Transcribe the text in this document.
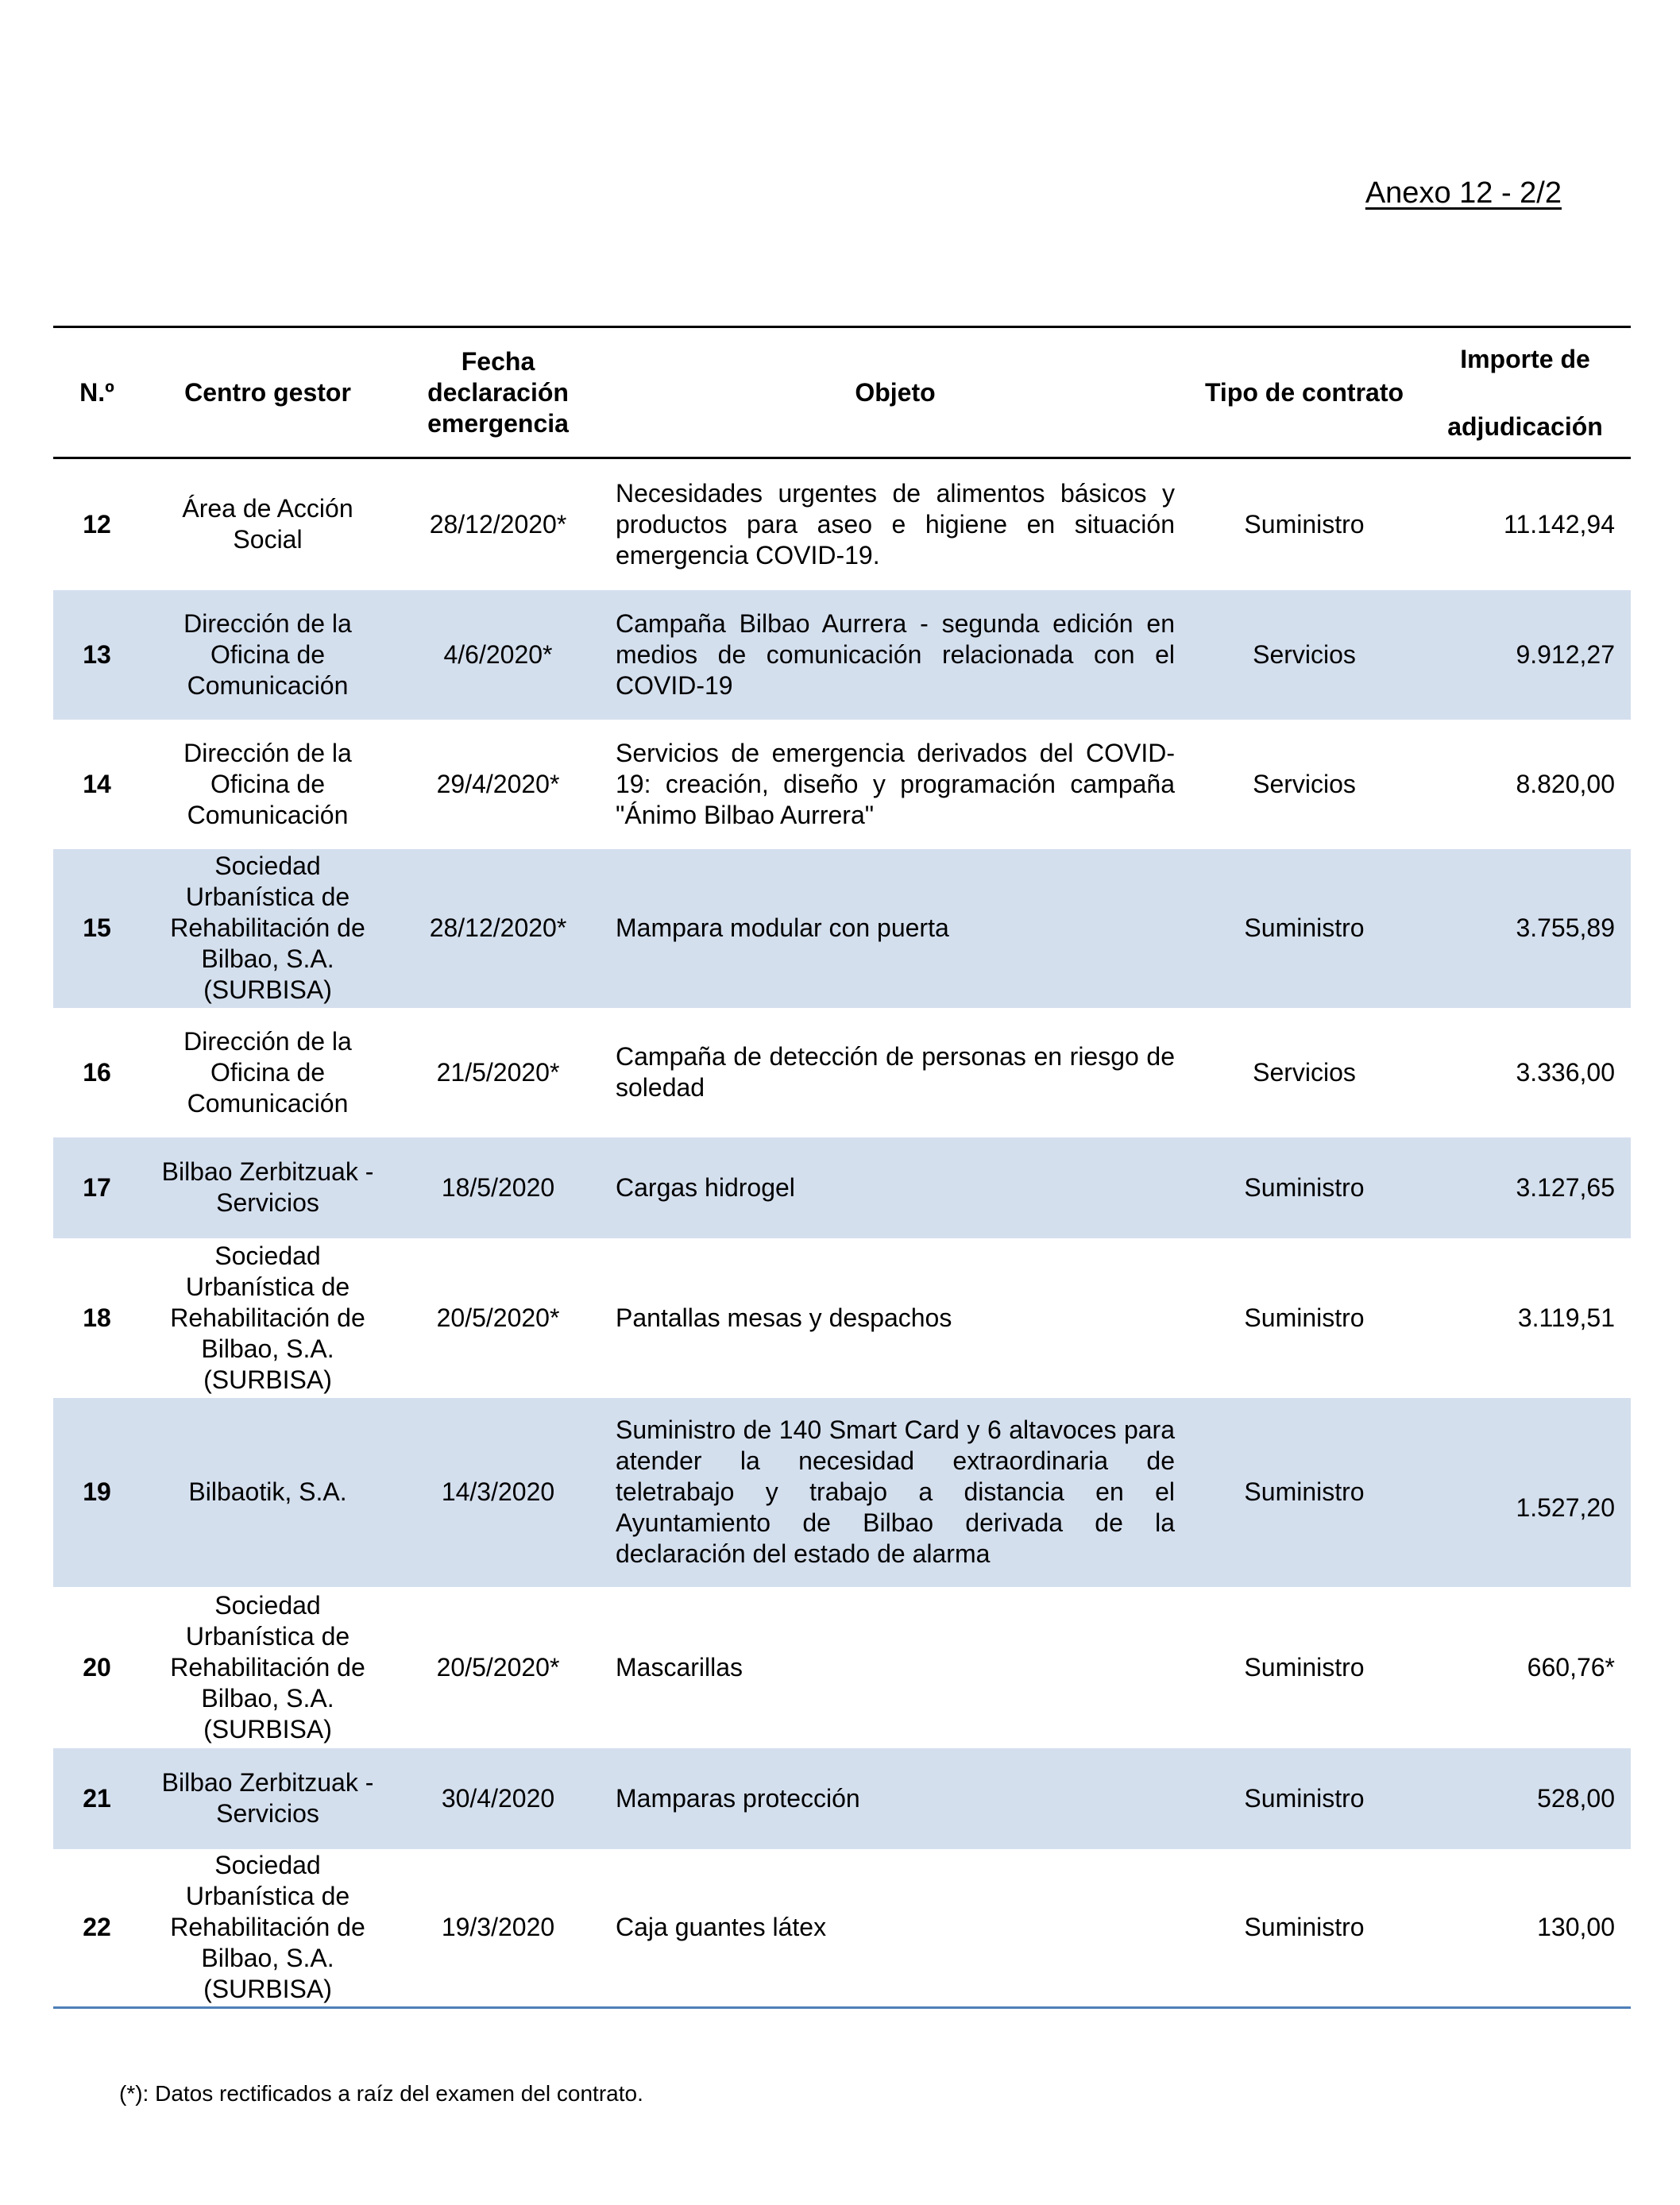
Anexo 12 - 2/2
N.º	Centro gestor	Fecha declaración emergencia	Objeto	Tipo de contrato	Importe de
adjudicación

12	Área de Acción Social	28/12/2020*	Necesidades urgentes de alimentos básicos y productos para aseo e higiene en situación emergencia COVID-19.	Suministro	11.142,94
13	Dirección de la Oficina de Comunicación	4/6/2020*	Campaña Bilbao Aurrera - segunda edición en medios de comunicación relacionada con el COVID-19	Servicios	9.912,27
14	Dirección de la Oficina de Comunicación	29/4/2020*	Servicios de emergencia derivados del COVID-19: creación, diseño y programación campaña "Ánimo Bilbao Aurrera"	Servicios	8.820,00
15	Sociedad Urbanística de Rehabilitación de Bilbao, S.A. (SURBISA)	28/12/2020*	Mampara modular con puerta	Suministro	3.755,89
16	Dirección de la Oficina de Comunicación	21/5/2020*	Campaña de detección de personas en riesgo de soledad	Servicios	3.336,00
17	Bilbao Zerbitzuak - Servicios	18/5/2020	Cargas hidrogel	Suministro	3.127,65
18	Sociedad Urbanística de Rehabilitación de Bilbao, S.A. (SURBISA)	20/5/2020*	Pantallas mesas y despachos	Suministro	3.119,51
19	Bilbaotik, S.A.	14/3/2020	Suministro de 140 Smart Card y 6 altavoces para atender la necesidad extraordinaria de teletrabajo y trabajo a distancia en el Ayuntamiento de Bilbao derivada de la declaración del estado de alarma	Suministro	1.527,20
20	Sociedad Urbanística de Rehabilitación de Bilbao, S.A. (SURBISA)	20/5/2020*	Mascarillas	Suministro	660,76*
21	Bilbao Zerbitzuak - Servicios	30/4/2020	Mamparas protección	Suministro	528,00
22	Sociedad Urbanística de Rehabilitación de Bilbao, S.A. (SURBISA)	19/3/2020	Caja guantes látex	Suministro	130,00
(*): Datos rectificados a raíz del examen del contrato.
